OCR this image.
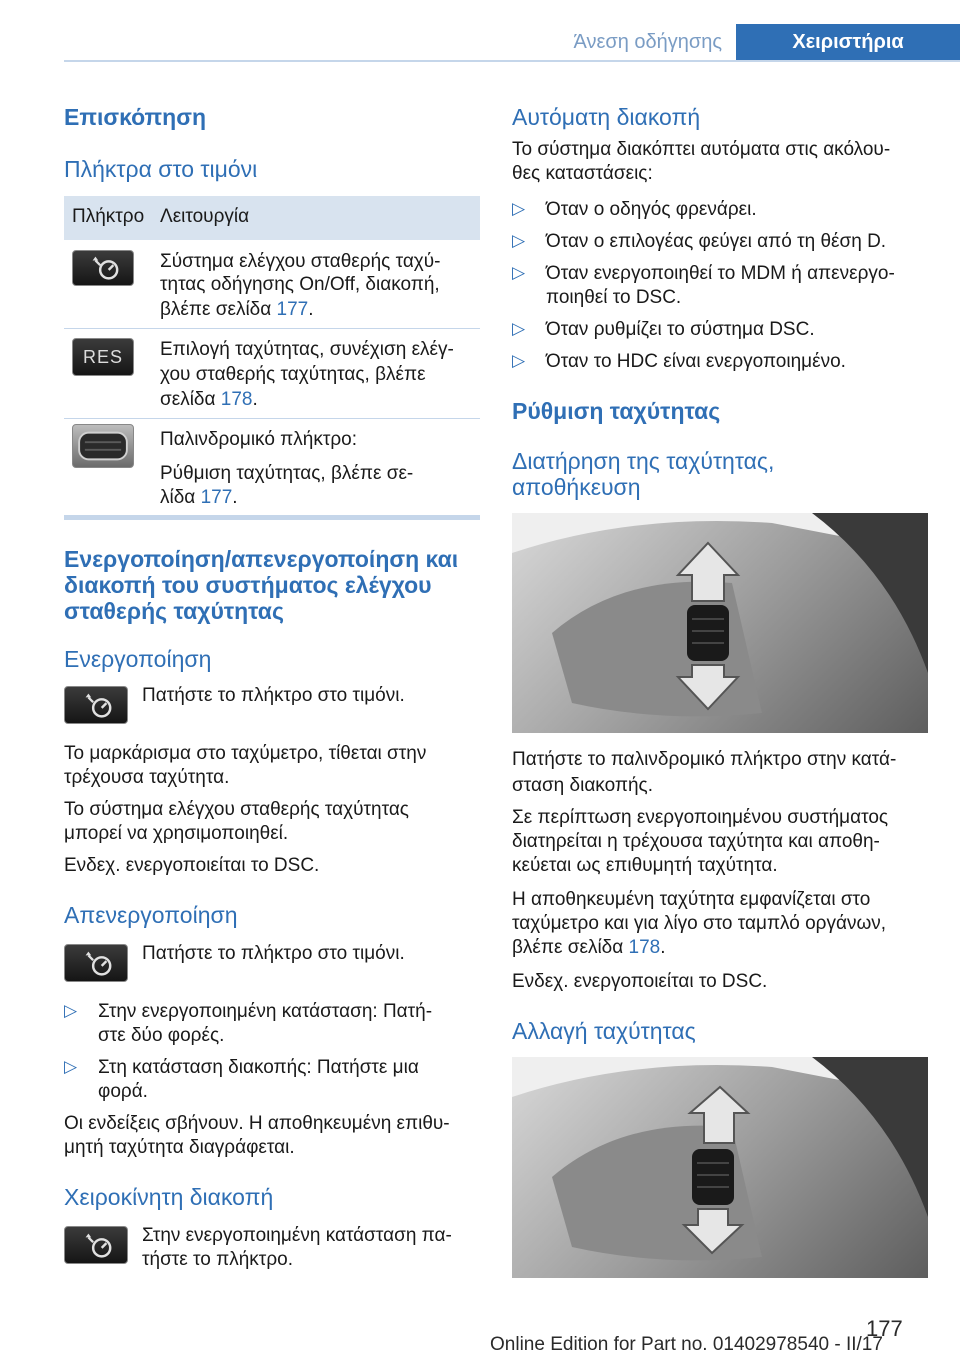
Άνεση οδήγησης	Χειριστήρια
Επισκόπηση
Πλήκτρα στο τιμόνι
Πλήκτρο Λειτουργία
Σύστημα ελέγχου σταθερής ταχύ-
τητας οδήγησης On/Off, διακοπή,
βλέπε σελίδα 177.
RES	Επιλογή ταχύτητας, συνέχιση ελέγ-
χου σταθερής ταχύτητας, βλέπε
σελίδα 178.
Παλινδρομικό πλήκτρο:
Ρύθμιση ταχύτητας, βλέπε σε-
λίδα 177.
Ενεργοποίηση/απενεργοποίηση και
διακοπή του συστήματος ελέγχου
σταθερής ταχύτητας
Ενεργοποίηση
Πατήστε το πλήκτρο στο τιμόνι.
Το μαρκάρισμα στο ταχύμετρο, τίθεται στην
τρέχουσα ταχύτητα.
Το σύστημα ελέγχου σταθερής ταχύτητας
μπορεί να χρησιμοποιηθεί.
Ενδεχ. ενεργοποιείται το DSC.
Απενεργοποίηση
Πατήστε το πλήκτρο στο τιμόνι.
▷ Στην ενεργοποιημένη κατάσταση: Πατή-
στε δύο φορές.
▷ Στη κατάσταση διακοπής: Πατήστε μια
φορά.
Οι ενδείξεις σβήνουν. Η αποθηκευμένη επιθυ-
μητή ταχύτητα διαγράφεται.
Χειροκίνητη διακοπή
Στην ενεργοποιημένη κατάσταση πα-
τήστε το πλήκτρο.
Αυτόματη διακοπή
Το σύστημα διακόπτει αυτόματα στις ακόλου-
θες καταστάσεις:
▷ Όταν ο οδηγός φρενάρει.
▷ Όταν ο επιλογέας φεύγει από τη θέση D.
▷ Όταν ενεργοποιηθεί το MDM ή απενεργο-
ποιηθεί το DSC.
▷ Όταν ρυθμίζει το σύστημα DSC.
▷ Όταν το HDC είναι ενεργοποιημένο.
Ρύθμιση ταχύτητας
Διατήρηση της ταχύτητας,
αποθήκευση
Πατήστε το παλινδρομικό πλήκτρο στην κατά-
σταση διακοπής.
Σε περίπτωση ενεργοποιημένου συστήματος
διατηρείται η τρέχουσα ταχύτητα και αποθη-
κεύεται ως επιθυμητή ταχύτητα.
Η αποθηκευμένη ταχύτητα εμφανίζεται στο
ταχύμετρο και για λίγο στο ταμπλό οργάνων,
βλέπε σελίδα 178.
Ενδεχ. ενεργοποιείται το DSC.
Αλλαγή ταχύτητας
177
Online Edition for Part no. 01402978540 - II/17
